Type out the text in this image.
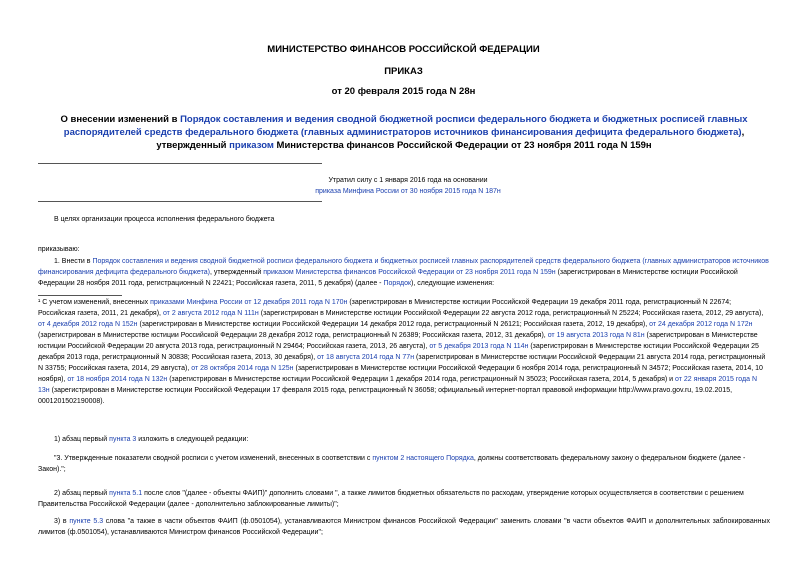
МИНИСТЕРСТВО ФИНАНСОВ РОССИЙСКОЙ ФЕДЕРАЦИИ

ПРИКАЗ

от 20 февраля 2015 года N 28н

О внесении изменений в Порядок составления и ведения сводной бюджетной росписи федерального бюджета и бюджетных росписей главных распорядителей средств федерального бюджета (главных администраторов источников финансирования дефицита федерального бюджета), утвержденный приказом Министерства финансов Российской Федерации от 23 ноября 2011 года N 159н

Утратил силу с 1 января 2016 года на основании
приказа Минфина России от 30 ноября 2015 года N 187н

В целях организации процесса исполнения федерального бюджета

приказываю:

1. Внести в Порядок составления и ведения сводной бюджетной росписи федерального бюджета и бюджетных росписей главных распорядителей средств федерального бюджета (главных администраторов источников финансирования дефицита федерального бюджета), утвержденный приказом Министерства финансов Российской Федерации от 23 ноября 2011 года N 159н (зарегистрирован в Министерстве юстиции Российской Федерации 28 ноября 2011 года, регистрационный N 22421; Российская газета, 2011, 5 декабря) (далее - Порядок), следующие изменения:

¹ С учетом изменений, внесенных приказами Минфина России от 12 декабря 2011 года N 170н (зарегистрирован в Министерстве юстиции Российской Федерации 19 декабря 2011 года, регистрационный N 22674; Российская газета, 2011, 21 декабря), от 2 августа 2012 года N 111н (зарегистрирован в Министерстве юстиции Российской Федерации 22 августа 2012 года, регистрационный N 25224; Российская газета, 2012, 29 августа), от 4 декабря 2012 года N 152н (зарегистрирован в Министерстве юстиции Российской Федерации 14 декабря 2012 года, регистрационный N 26121; Российская газета, 2012, 19 декабря), от 24 декабря 2012 года N 172н (зарегистрирован в Министерстве юстиции Российской Федерации 28 декабря 2012 года, регистрационный N 26389; Российская газета, 2012, 31 декабря), от 19 августа 2013 года N 81н (зарегистрирован в Министерстве юстиции Российской Федерации 20 августа 2013 года, регистрационный N 29464; Российская газета, 2013, 26 августа), от 5 декабря 2013 года N 114н (зарегистрирован в Министерстве юстиции Российской Федерации 25 декабря 2013 года, регистрационный N 30838; Российская газета, 2013, 30 декабря), от 18 августа 2014 года N 77н (зарегистрирован в Министерстве юстиции Российской Федерации 21 августа 2014 года, регистрационный N 33755; Российская газета, 2014, 29 августа), от 28 октября 2014 года N 125н (зарегистрирован в Министерстве юстиции Российской Федерации 6 ноября 2014 года, регистрационный N 34572; Российская газета, 2014, 10 ноября), от 18 ноября 2014 года N 132н (зарегистрирован в Министерстве юстиции Российской Федерации 1 декабря 2014 года, регистрационный N 35023; Российская газета, 2014, 5 декабря) и от 22 января 2015 года N 13н (зарегистрирован в Министерстве юстиции Российской Федерации 17 февраля 2015 года, регистрационный N 36058; официальный интернет-портал правовой информации http://www.pravo.gov.ru, 19.02.2015, 0001201502190008).

1) абзац первый пункта 3 изложить в следующей редакции:

"3. Утвержденные показатели сводной росписи с учетом изменений, внесенных в соответствии с пунктом 2 настоящего Порядка, должны соответствовать федеральному закону о федеральном бюджете (далее - Закон).";

2) абзац первый пункта 5.1 после слов "(далее - объекты ФАИП)" дополнить словами ", а также лимитов бюджетных обязательств по расходам, утверждение которых осуществляется в соответствии с решением Правительства Российской Федерации (далее - дополнительно заблокированные лимиты)";

3) в пункте 5.3 слова "а также в части объектов ФАИП (ф.0501054), устанавливаются Министром финансов Российской Федерации" заменить словами "в части объектов ФАИП и дополнительных заблокированных лимитов (ф.0501054), устанавливаются Министром финансов Российской Федерации";
